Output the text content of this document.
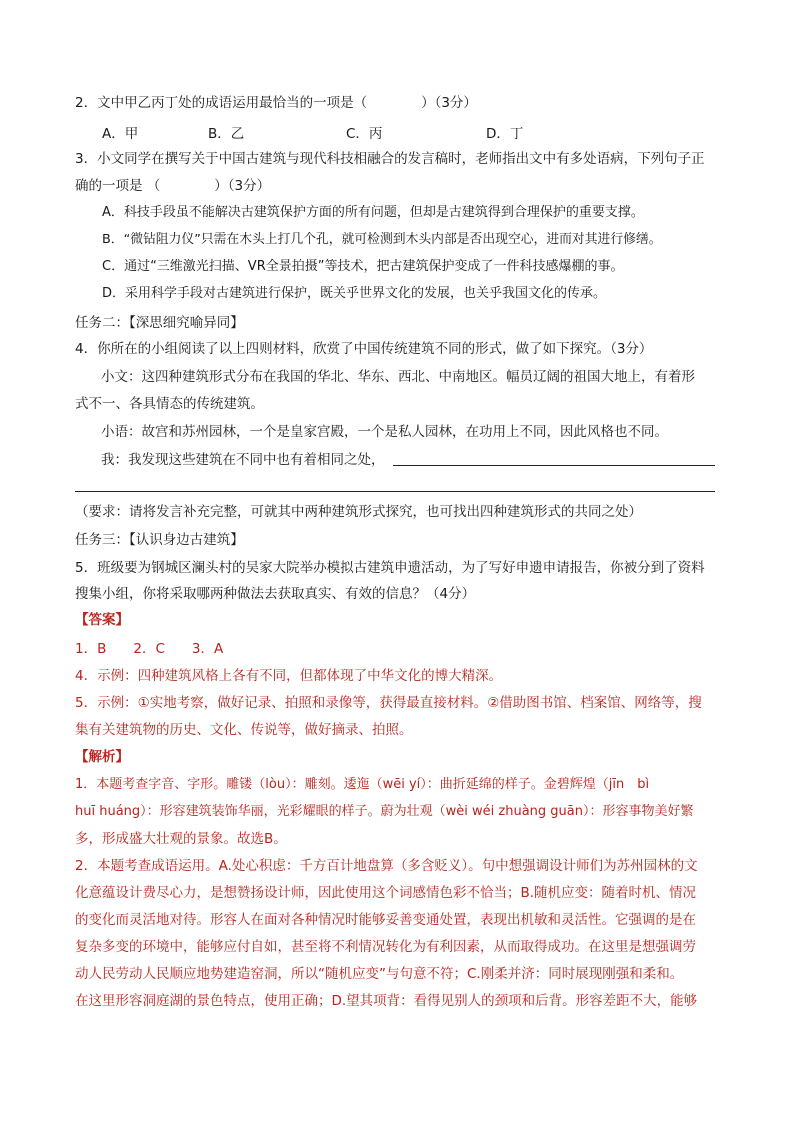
2．文中甲乙丙丁处的成语运用最恰当的一项是（　　　　）（3分）
A．甲	B．乙	C．丙	D．丁
3．小文同学在撰写关于中国古建筑与现代科技相融合的发言稿时，老师指出文中有多处语病，下列句子正
确的一项是 （　　　　）（3分）
A．科技手段虽不能解决古建筑保护方面的所有问题，但却是古建筑得到合理保护的重要支撑。
B．“微钻阻力仪”只需在木头上打几个孔，就可检测到木头内部是否出现空心，进而对其进行修缮。
C．通过“三维激光扫描、VR全景拍摄”等技术，把古建筑保护变成了一件科技感爆棚的事。
D．采用科学手段对古建筑进行保护，既关乎世界文化的发展，也关乎我国文化的传承。
任务二：【深思细究喻异同】
4．你所在的小组阅读了以上四则材料，欣赏了中国传统建筑不同的形式，做了如下探究。（3分）
小文：这四种建筑形式分布在我国的华北、华东、西北、中南地区。幅员辽阔的祖国大地上，有着形
式不一、各具情态的传统建筑。
小语：故宫和苏州园林，一个是皇家宫殿，一个是私人园林，在功用上不同，因此风格也不同。
我：我发现这些建筑在不同中也有着相同之处，
（要求：请将发言补充完整，可就其中两种建筑形式探究，也可找出四种建筑形式的共同之处）
任务三：【认识身边古建筑】
5．班级要为钢城区澜头村的吴家大院举办模拟古建筑申遗活动，为了写好申遗申请报告，你被分到了资料
搜集小组，你将采取哪两种做法去获取真实、有效的信息？（4分）
【答案】
1．B　　2．C　　3．A
4．示例：四种建筑风格上各有不同，但都体现了中华文化的博大精深。
5．示例：①实地考察，做好记录、拍照和录像等，获得最直接材料。②借助图书馆、档案馆、网络等，搜
集有关建筑物的历史、文化、传说等，做好摘录、拍照。
【解析】
1．本题考查字音、字形。雕镂（lòu）：雕刻。逶迤（wēi yí）：曲折延绵的样子。金碧辉煌（jīn　bì
huī huáng）：形容建筑装饰华丽，光彩耀眼的样子。蔚为壮观（wèi wéi zhuàng guān）：形容事物美好繁
多，形成盛大壮观的景象。故选B。
2．本题考查成语运用。A.处心积虑：千方百计地盘算（多含贬义）。句中想强调设计师们为苏州园林的文
化意蕴设计费尽心力，是想赞扬设计师，因此使用这个词感情色彩不恰当；B.随机应变：随着时机、情况
的变化而灵活地对待。形容人在面对各种情况时能够妥善变通处置，表现出机敏和灵活性。它强调的是在
复杂多变的环境中，能够应付自如，甚至将不利情况转化为有利因素，从而取得成功。在这里是想强调劳
动人民劳动人民顺应地势建造窑洞，所以“随机应变”与句意不符；C.刚柔并济：同时展现刚强和柔和。
在这里形容洞庭湖的景色特点，使用正确；D.望其项背：看得见别人的颈项和后背。形容差距不大，能够
